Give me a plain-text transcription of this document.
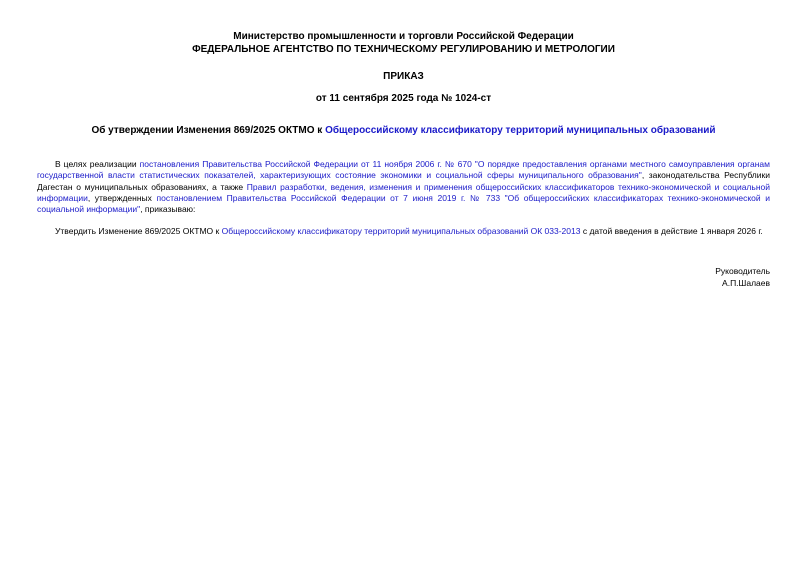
Министерство промышленности и торговли Российской Федерации
ФЕДЕРАЛЬНОЕ АГЕНТСТВО ПО ТЕХНИЧЕСКОМУ РЕГУЛИРОВАНИЮ И МЕТРОЛОГИИ
ПРИКАЗ
от 11 сентября 2025 года № 1024-ст
Об утверждении Изменения 869/2025 ОКТМО к Общероссийскому классификатору территорий муниципальных образований
В целях реализации постановления Правительства Российской Федерации от 11 ноября 2006 г. № 670 "О порядке предоставления органами местного самоуправления органам государственной власти статистических показателей, характеризующих состояние экономики и социальной сферы муниципального образования", законодательства Республики Дагестан о муниципальных образованиях, а также Правил разработки, ведения, изменения и применения общероссийских классификаторов технико-экономической и социальной информации, утвержденных постановлением Правительства Российской Федерации от 7 июня 2019 г. № 733 "Об общероссийских классификаторах технико-экономической и социальной информации", приказываю:
Утвердить Изменение 869/2025 ОКТМО к Общероссийскому классификатору территорий муниципальных образований ОК 033-2013 с датой введения в действие 1 января 2026 г.
Руководитель
А.П.Шалаев
